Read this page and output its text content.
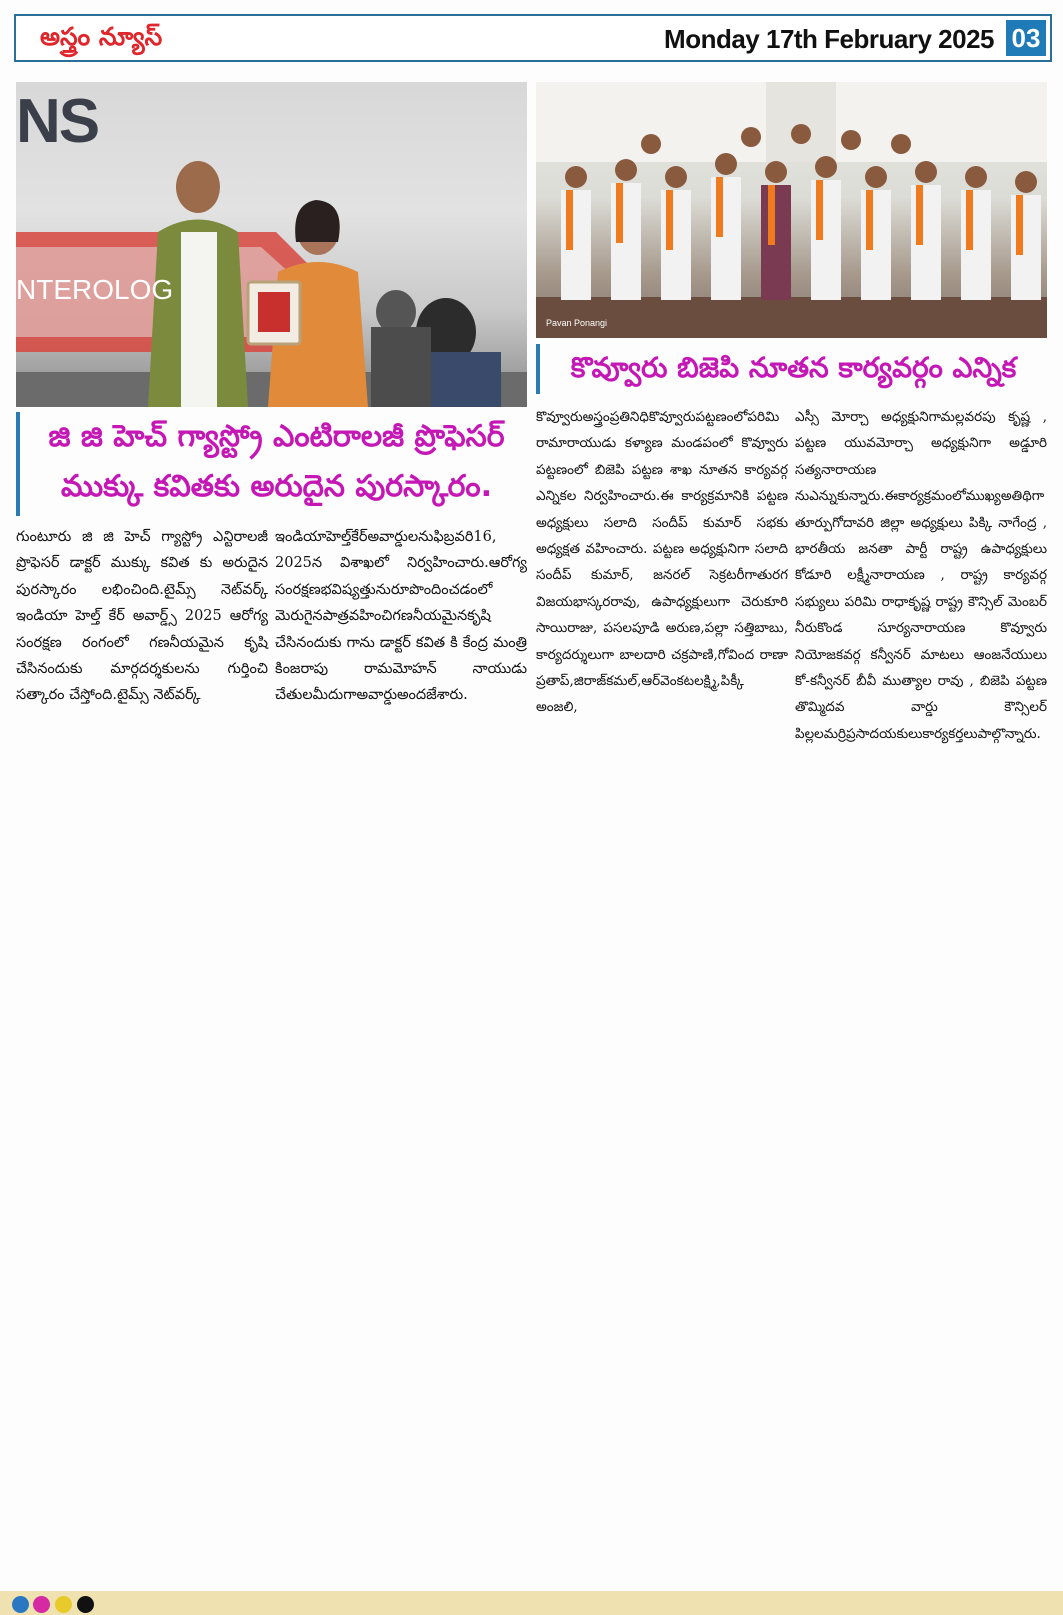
అస్త్రం న్యూస్	Monday 17th February 2025 03
NS
NTEROLOG
జి జి హెచ్ గ్యాస్ట్రో ఎంటిరాలజీ ప్రొఫెసర్ ముక్కు కవితకు అరుదైన పురస్కారం.
గుంటూరు జి జి హెచ్ గ్యాస్ట్రో ఎన్టిరాలజీ ప్రొఫెసర్ డాక్టర్ ముక్కు కవిత కు అరుదైన పురస్కారం లభించింది.టైమ్స్ నెట్‌వర్క్ ఇండియా హెల్త్ కేర్ అవార్డ్స్ 2025 ఆరోగ్య సంరక్షణ రంగంలో గణనీయమైన కృషి చేసినందుకు మార్గదర్శకులను గుర్తించి సత్కారం చేస్తోంది.టైమ్స్ నెట్‌వర్క్
ఇండియాహెల్త్‌కేర్‌అవార్డులనుఫిబ్రవరి16, 2025న విశాఖలో నిర్వహించారు.ఆరోగ్య సంరక్షణభవిష్యత్తునురూపొందించడంలో మెరుగైనపాత్రవహించిగణనీయమైనకృషి చేసినందుకు గాను డాక్టర్ కవిత కి కేంద్ర మంత్రి కింజరాపు రామమోహన్ నాయుడు చేతులమీదుగాఅవార్డుఅందజేశారు.
Pavan Ponangi
కొవ్వూరు బిజెపి నూతన కార్యవర్గం ఎన్నిక
కొవ్వూరుఅస్త్రంప్రతినిధికొవ్వూరుపట్టణంలోపరిమి రామారాయుడు కళ్యాణ మండపంలో కొవ్వూరు పట్టణంలో బిజెపి పట్టణ శాఖ నూతన కార్యవర్గ ఎన్నికల నిర్వహించారు.ఈ కార్యక్రమానికి పట్టణ అధ్యక్షులు సలాది సందీప్ కుమార్ సభకు అధ్యక్షత వహించారు. పట్టణ అధ్యక్షునిగా సలాది సందీప్ కుమార్, జనరల్ సెక్రటరీగాతురగ విజయభాస్కరరావు, ఉపాధ్యక్షులుగా చెరుకూరి సాయిరాజు, పసలపూడి అరుణ,పల్లా సత్తిబాబు, కార్యదర్శులుగా బాలదారి చక్రపాణి,గోవింద రాణా ప్రతాప్,జిరాజ్‌కమల్,ఆర్‌వెంకటలక్ష్మి,పిక్కీ అంజలి,
ఎస్సీ మోర్చా అధ్యక్షునిగామల్లవరపు కృష్ణ , పట్టణ యువమోర్చా అధ్యక్షునిగా అడ్డూరి సత్యనారాయణ నుఎన్నుకున్నారు.ఈకార్యక్రమంలోముఖ్యఅతిథిగా తూర్పుగోదావరి జిల్లా అధ్యక్షులు పిక్కి నాగేంద్ర , భారతీయ జనతా పార్టీ రాష్ట్ర ఉపాధ్యక్షులు కోడూరి లక్ష్మీనారాయణ , రాష్ట్ర కార్యవర్గ సభ్యులు పరిమి రాధాకృష్ణ రాష్ట్ర కౌన్సిల్ మెంబర్ నీరుకొండ సూర్యనారాయణ కొవ్వూరు నియోజకవర్గ కన్వీనర్ మాటలు ఆంజనేయులు కో-కన్వీనర్ బీవీ ముత్యాల రావు , బిజెపి పట్టణ తొమ్మిదవ వార్డు కౌన్సిలర్ పిల్లలమర్రిప్రసాదయకులుకార్యకర్తలుపాల్గొన్నారు.
